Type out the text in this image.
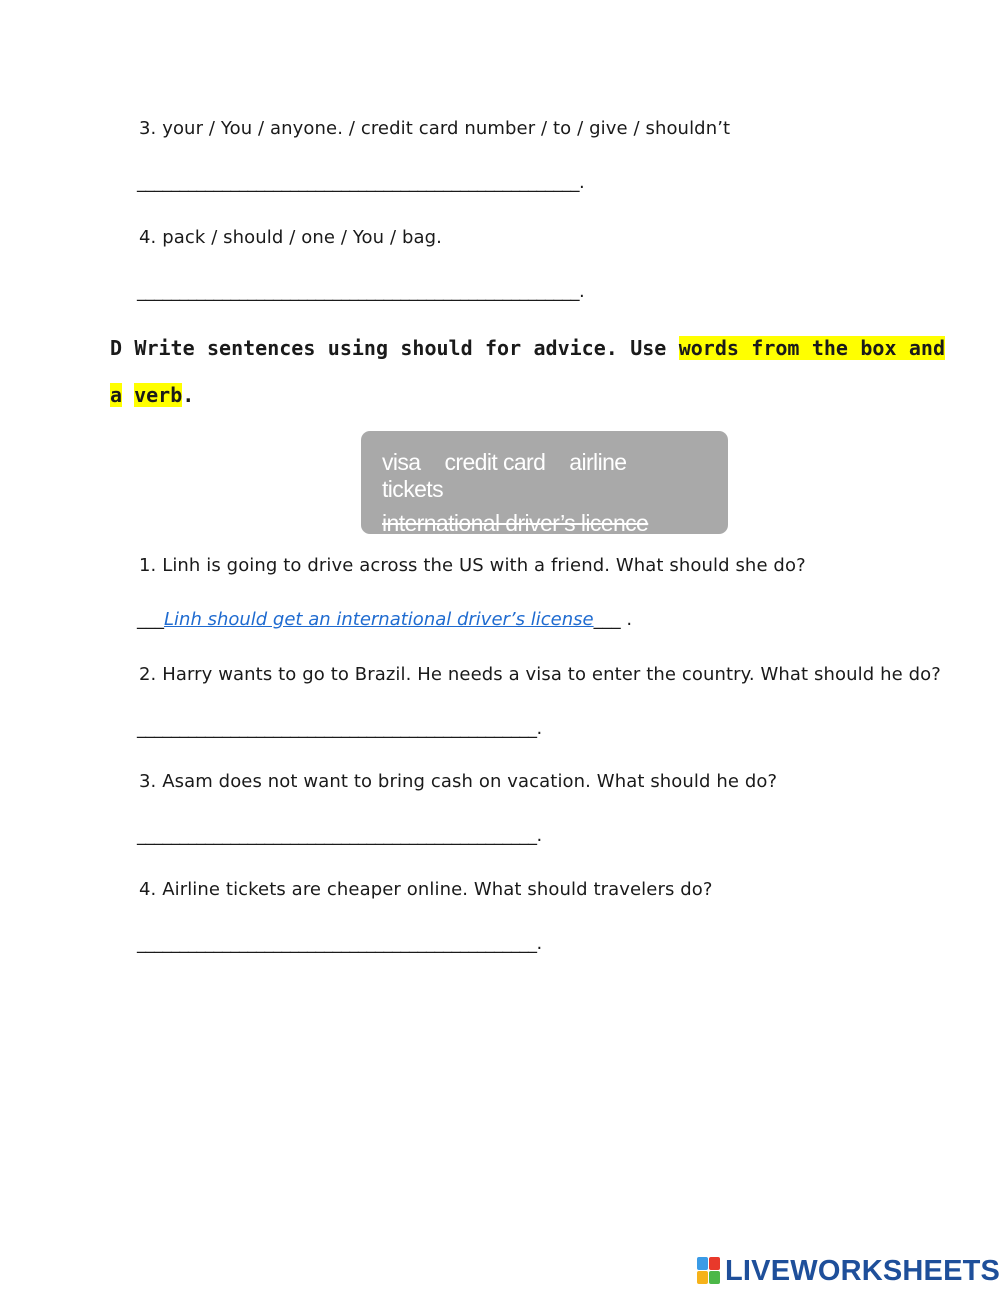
3. your / You / anyone. / credit card number / to / give / shouldn’t
____________________________________________________.
4. pack / should / one / You / bag.
____________________________________________________.
D Write sentences using should for advice. Use words from the box and a verb.
visa credit card airline tickets
international driver’s licence
1. Linh is going to drive across the US with a friend. What should she do?
___Linh should get an international driver’s license___ .
2. Harry wants to go to Brazil. He needs a visa to enter the country. What should he do?
_______________________________________________.
3. Asam does not want to bring cash on vacation. What should he do?
_______________________________________________.
4. Airline tickets are cheaper online. What should travelers do?
_______________________________________________.
LIVEWORKSHEETS
